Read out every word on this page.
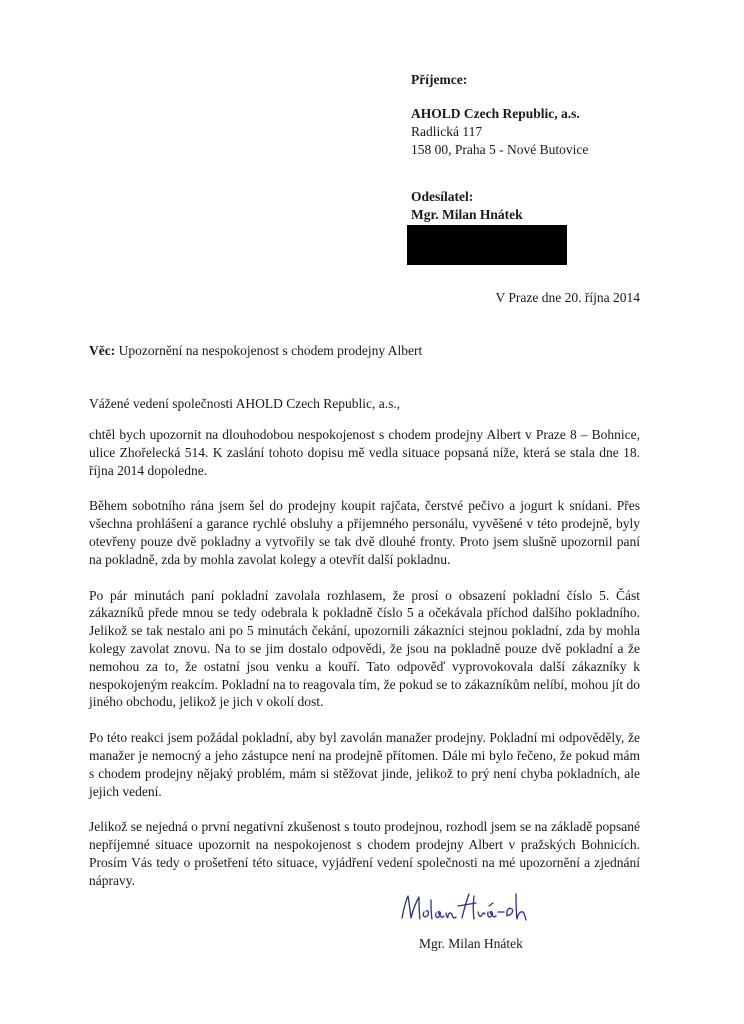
Příjemce:
AHOLD Czech Republic, a.s.
Radlická 117
158 00, Praha 5 - Nové Butovice
Odesílatel:
Mgr. Milan Hnátek
V Praze dne 20. října 2014
Věc: Upozornění na nespokojenost s chodem prodejny Albert
Vážené vedení společnosti AHOLD Czech Republic, a.s.,

chtěl bych upozornit na dlouhodobou nespokojenost s chodem prodejny Albert v Praze 8 – Bohnice, ulice Zhořelecká 514. K zaslání tohoto dopisu mě vedla situace popsaná níže, která se stala dne 18. října 2014 dopoledne.

Během sobotního rána jsem šel do prodejny koupit rajčata, čerstvé pečivo a jogurt k snídani. Přes všechna prohlášení a garance rychlé obsluhy a příjemného personálu, vyvěšené v této prodejně, byly otevřeny pouze dvě pokladny a vytvořily se tak dvě dlouhé fronty. Proto jsem slušně upozornil paní na pokladně, zda by mohla zavolat kolegy a otevřít další pokladnu.

Po pár minutách paní pokladní zavolala rozhlasem, že prosí o obsazení pokladní číslo 5. Část zákazníků přede mnou se tedy odebrala k pokladně číslo 5 a očekávala příchod dalšího pokladního. Jelikož se tak nestalo ani po 5 minutách čekání, upozornili zákazníci stejnou pokladní, zda by mohla kolegy zavolat znovu. Na to se jim dostalo odpovědi, že jsou na pokladně pouze dvě pokladní a že nemohou za to, že ostatní jsou venku a kouří. Tato odpověď vyprovokovala další zákazníky k nespokojeným reakcím. Pokladní na to reagovala tím, že pokud se to zákazníkům nelíbí, mohou jít do jiného obchodu, jelikož je jich v okolí dost.

Po této reakci jsem požádal pokladní, aby byl zavolán manažer prodejny. Pokladní mi odpověděly, že manažer je nemocný a jeho zástupce není na prodejně přítomen. Dále mi bylo řečeno, že pokud mám s chodem prodejny nějaký problém, mám si stěžovat jinde, jelikož to prý není chyba pokladních, ale jejich vedení.

Jelikož se nejedná o první negativní zkušenost s touto prodejnou, rozhodl jsem se na základě popsané nepříjemné situace upozornit na nespokojenost s chodem prodejny Albert v pražských Bohnicích. Prosím Vás tedy o prošetření této situace, vyjádření vedení společnosti na mé upozornění a zjednání nápravy.

Mgr. Milan Hnátek
